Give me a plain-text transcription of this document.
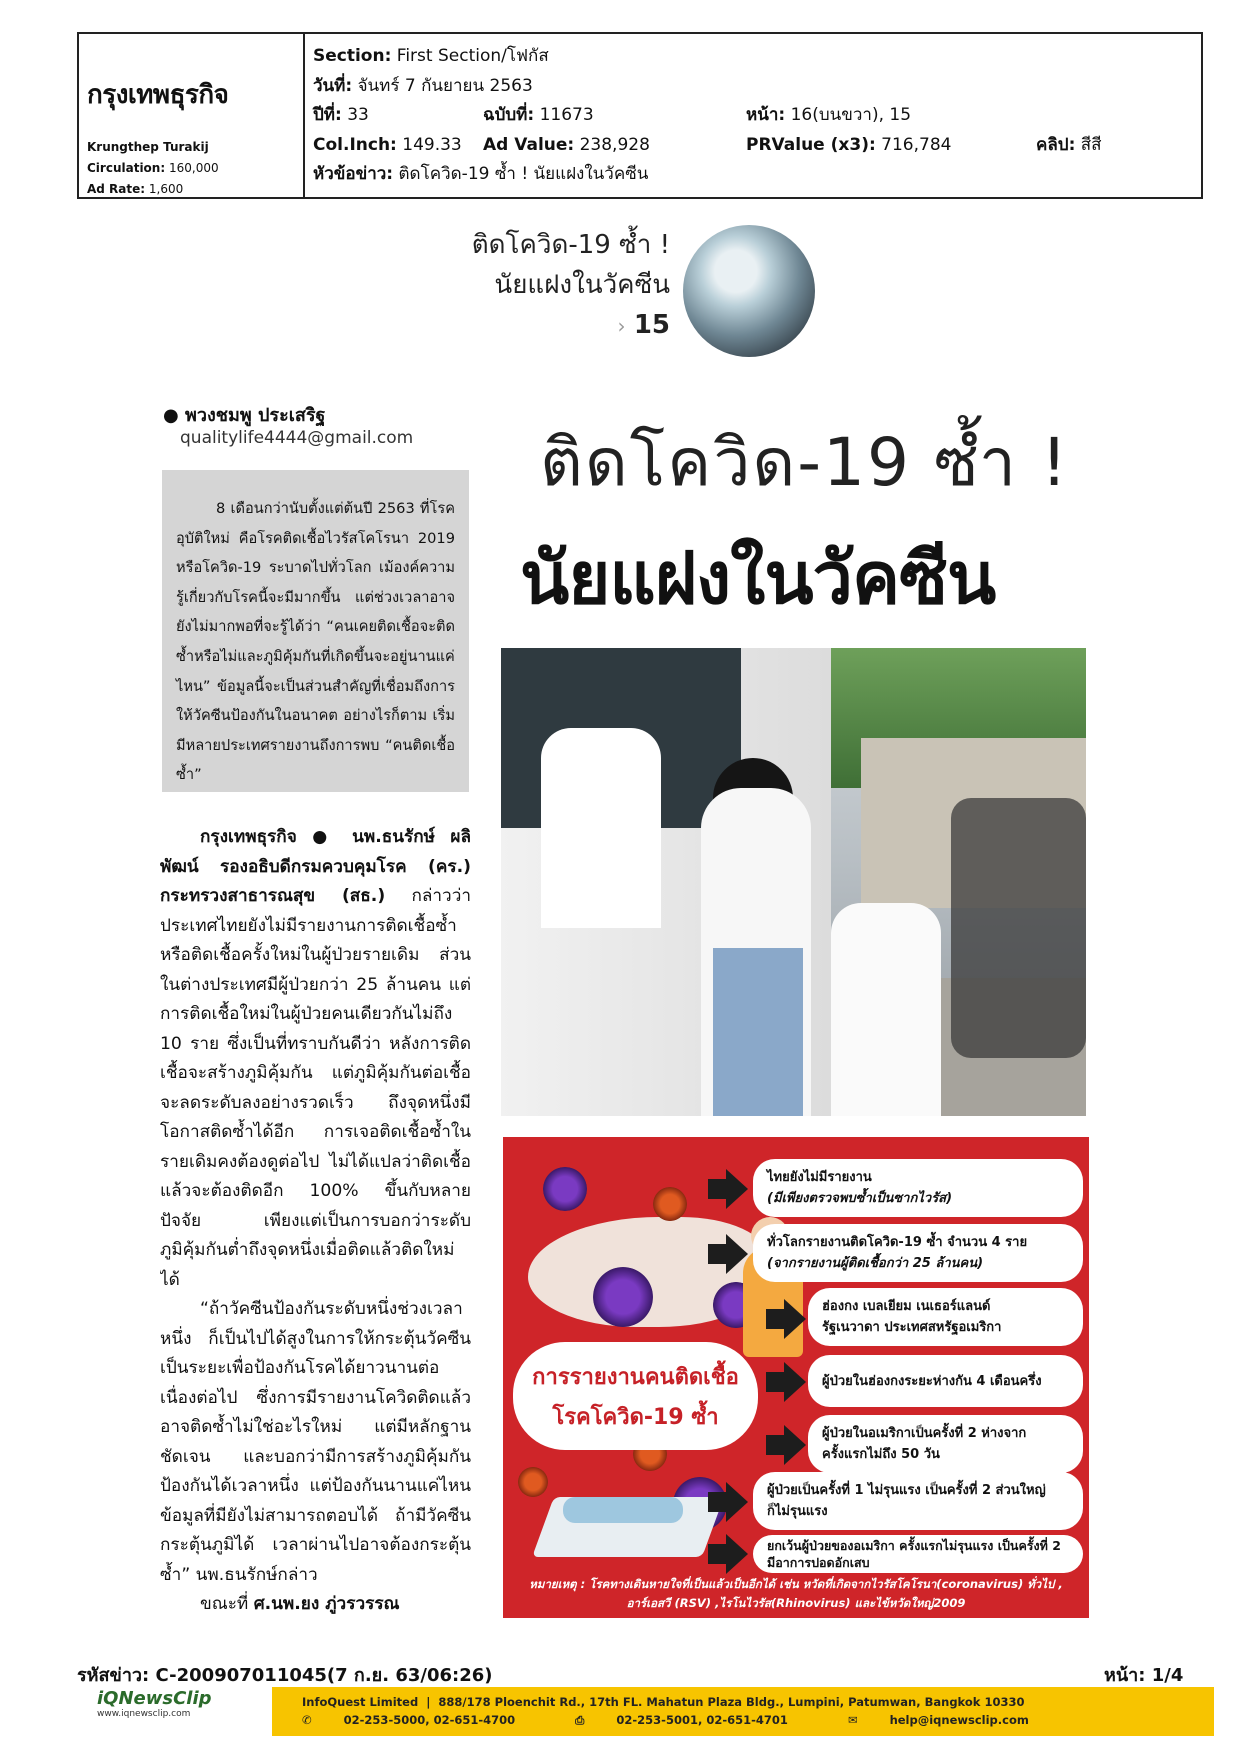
กรุงเทพธุรกิจ
Krungthep Turakij
Circulation: 160,000
Ad Rate: 1,600
Section:
First Section/โฟกัส
วันที่:
จันทร์ 7 กันยายน 2563
ปีที่: 33	ฉบับที่: 11673	หน้า: 16(บนขวา), 15
Col.Inch: 149.33	Ad Value: 238,928	PRValue (x3): 716,784	คลิป: สีสี
หัวข้อข่าว:
ติดโควิด-19 ซ้ำ ! นัยแฝงในวัคซีน
ติดโควิด-19 ซ้ำ !
นัยแฝงในวัคซีน
› 15
● พวงชมพู ประเสริฐ
qualitylife4444@gmail.com ติดโควิด-19 ซ้ำ !
นัยแฝงในวัคซีน
8 เดือนกว่านับตั้งแต่ต้นปี 2563 ที่โรคอุบัติใหม่ คือโรคติดเชื้อไวรัสโคโรนา 2019 หรือโควิด-19 ระบาดไปทั่วโลก เม้องค์ความรู้เกี่ยวกับโรคนี้จะมีมากขึ้น แต่ช่วงเวลาอาจยังไม่มากพอที่จะรู้ได้ว่า “คนเคยติดเชื้อจะติดซ้ำหรือไม่และภูมิคุ้มกันที่เกิดขึ้นจะอยู่นานแค่ไหน” ข้อมูลนี้จะเป็นส่วนสำคัญที่เชื่อมถึงการให้วัคซีนป้องกันในอนาคต อย่างไรก็ตาม เริ่มมีหลายประเทศรายงานถึงการพบ “คนติดเชื้อซ้ำ”

กรุงเทพธุรกิจ ● นพ.ธนรักษ์ ผลิพัฒน์ รองอธิบดีกรมควบคุมโรค (คร.) กระทรวงสาธารณสุข (สธ.) กล่าวว่าประเทศไทยยังไม่มีรายงานการติดเชื้อซ้ำหรือติดเชื้อครั้งใหม่ในผู้ป่วยรายเดิม ส่วนในต่างประเทศมีผู้ป่วยกว่า 25 ล้านคน แต่การติดเชื้อใหม่ในผู้ป่วยคนเดียวกันไม่ถึง 10 ราย ซึ่งเป็นที่ทราบกันดีว่า หลังการติดเชื้อจะสร้างภูมิคุ้มกัน แต่ภูมิคุ้มกันต่อเชื้อจะลดระดับลงอย่างรวดเร็ว ถึงจุดหนึ่งมีโอกาสติดซ้ำได้อีก การเจอติดเชื้อซ้ำในรายเดิมคงต้องดูต่อไป ไม่ได้แปลว่าติดเชื้อแล้วจะต้องติดอีก 100% ขึ้นกับหลายปัจจัย เพียงแต่เป็นการบอกว่าระดับภูมิคุ้มกันต่ำถึงจุดหนึ่งเมื่อติดแล้วติดใหม่ได้

“ถ้าวัคซีนป้องกันระดับหนึ่งช่วงเวลาหนึ่ง ก็เป็นไปได้สูงในการให้กระตุ้นวัคซีนเป็นระยะเพื่อป้องกันโรคได้ยาวนานต่อเนื่องต่อไป ซึ่งการมีรายงานโควิดติดแล้วอาจติดซ้ำไม่ใช่อะไรใหม่ แต่มีหลักฐานชัดเจน และบอกว่ามีการสร้างภูมิคุ้มกันป้องกันได้เวลาหนึ่ง แต่ป้องกันนานแค่ไหน ข้อมูลที่มียังไม่สามารถตอบได้ ถ้ามีวัคซีนกระตุ้นภูมิได้ เวลาผ่านไปอาจต้องกระตุ้นซ้ำ” นพ.ธนรักษ์กล่าว

ขณะที่ ศ.นพ.ยง ภู่วรวรรณ

การรายงานคนติดเชื้อ
โรคโควิด-19 ซ้ำ
ไทยยังไม่มีรายงาน
(มีเพียงตรวจพบซ้ำเป็นซากไวรัส)
ทั่วโลกรายงานติดโควิด-19 ซ้ำ จำนวน 4 ราย
(จากรายงานผู้ติดเชื้อกว่า 25 ล้านคน)
ฮ่องกง เบลเยียม เนเธอร์แลนด์
รัฐเนวาดา ประเทศสหรัฐอเมริกา
ผู้ป่วยในฮ่องกงระยะห่างกัน 4 เดือนครึ่ง
ผู้ป่วยในอเมริกาเป็นครั้งที่ 2 ห่างจาก
ครั้งแรกไม่ถึง 50 วัน
ผู้ป่วยเป็นครั้งที่ 1 ไม่รุนแรง เป็นครั้งที่ 2 ส่วนใหญ่
ก็ไม่รุนแรง
หมายเหตุ : โรคทางเดินหายใจที่เป็นแล้วเป็นอีกได้ เช่น หวัดที่เกิดจากไวรัสโคโรนา(coronavirus) ทั่วไป ,
อาร์เอสวี (RSV) ,ไรโนไวรัส(Rhinovirus) และไข้หวัดใหญ่2009
ยกเว้นผู้ป่วยของอเมริกา ครั้งแรกไม่รุนแรง เป็นครั้งที่ 2
มีอาการปอดอักเสบ
รหัสข่าว: C-200907011045(7 ก.ย. 63/06:26)	หน้า: 1/4
iQNewsClip
www.iqnewsclip.com
InfoQuest Limited  |  888/178 Ploenchit Rd., 17th FL. Mahatun Plaza Bldg., Lumpini, Patumwan, Bangkok 10330
✆	02-253-5000, 02-651-4700	⎙	02-253-5001, 02-651-4701	✉	help@iqnewsclip.com
